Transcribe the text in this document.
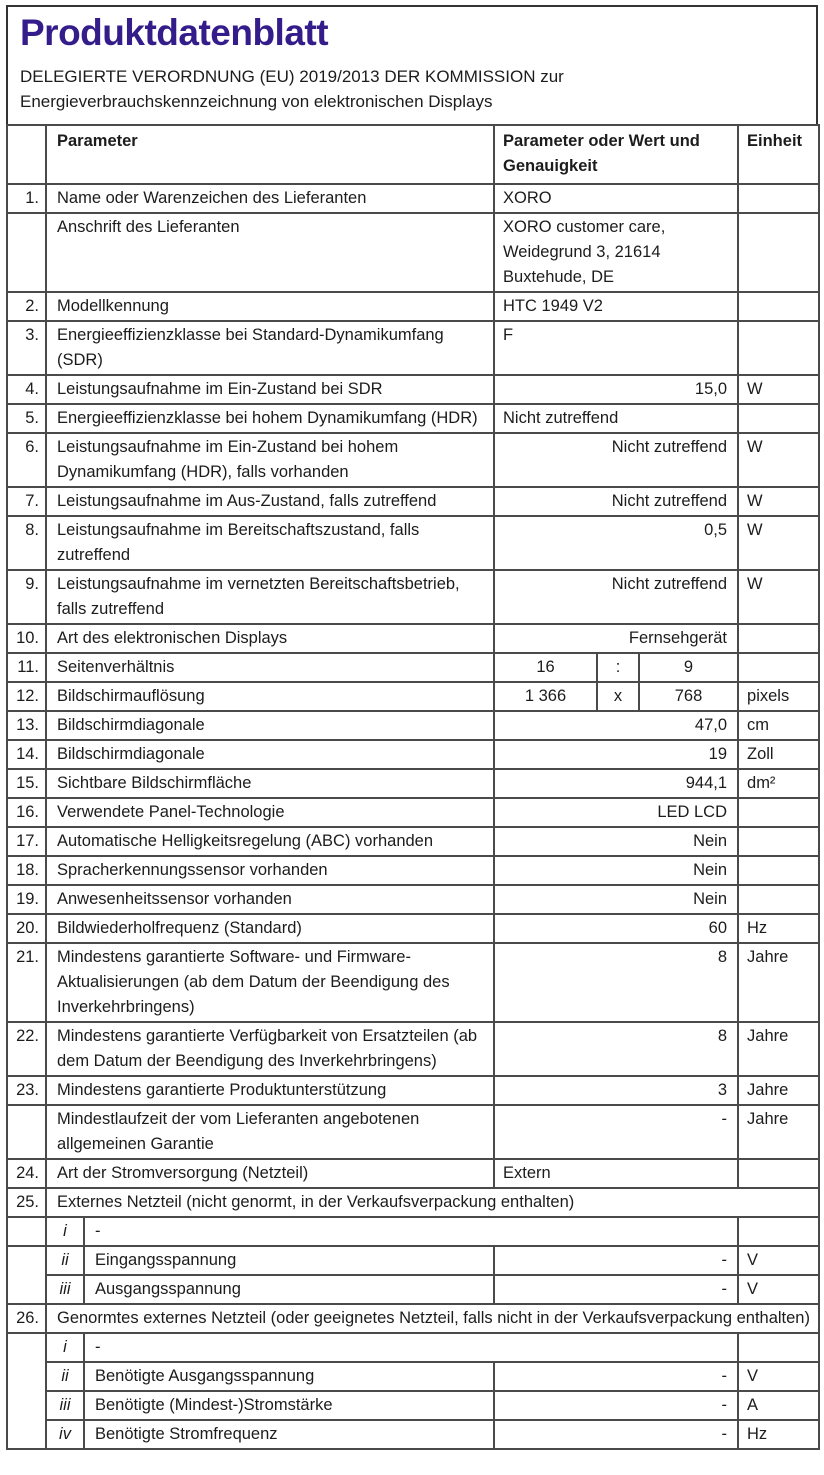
Produktdatenblatt
DELEGIERTE VERORDNUNG (EU) 2019/2013 DER KOMMISSION zur
Energieverbrauchskennzeichnung von elektronischen Displays
	Parameter		Parameter oder Wert und Genauigkeit	Einheit
1.	Name oder Warenzeichen des Lieferanten		XORO	
	Anschrift des Lieferanten		XORO customer care, Weidegrund 3, 21614 Buxtehude, DE	
2.	Modellkennung		HTC 1949 V2	
3.	Energieeffizienzklasse bei Standard-Dynamikumfang (SDR)		F	
4.	Leistungsaufnahme im Ein-Zustand bei SDR		15,0	W
5.	Energieeffizienzklasse bei hohem Dynamikumfang (HDR)		Nicht zutreffend	
6.	Leistungsaufnahme im Ein-Zustand bei hohem Dynamikumfang (HDR), falls vorhanden		Nicht zutreffend	W
7.	Leistungsaufnahme im Aus-Zustand, falls zutreffend		Nicht zutreffend	W
8.	Leistungsaufnahme im Bereitschaftszustand, falls zutreffend		0,5	W
9.	Leistungsaufnahme im vernetzten Bereitschaftsbetrieb, falls zutreffend		Nicht zutreffend	W
10.	Art des elektronischen Displays		Fernsehgerät	
11.	Seitenverhältnis		16 : 9	

12.	Bildschirmauflösung		1 366 x 768	pixels
13.	Bildschirmdiagonale		47,0	cm
14.	Bildschirmdiagonale		19	Zoll
15.	Sichtbare Bildschirmfläche		944,1	dm²
16.	Verwendete Panel-Technologie		LED LCD	
17.	Automatische Helligkeitsregelung (ABC) vorhanden		Nein	
18.	Spracherkennungssensor vorhanden		Nein	
19.	Anwesenheitssensor vorhanden		Nein	
20.	Bildwiederholfrequenz (Standard)		60	Hz
21.	Mindestens garantierte Software- und Firmware-Aktualisierungen (ab dem Datum der Beendigung des Inverkehrbringens)		8	Jahre
22.	Mindestens garantierte Verfügbarkeit von Ersatzteilen (ab dem Datum der Beendigung des Inverkehrbringens)		8	Jahre
23.	Mindestens garantierte Produktunterstützung		3	Jahre
	Mindestlaufzeit der vom Lieferanten angebotenen allgemeinen Garantie		-	Jahre
24.	Art der Stromversorgung (Netzteil)		Extern	
25.	Externes Netzteil (nicht genormt, in der Verkaufsverpackung enthalten)			
	i	-		
	ii	Eingangsspannung	-	V
	iii	Ausgangsspannung	-	V
26.	Genormtes externes Netzteil (oder geeignetes Netzteil, falls nicht in der Verkaufsverpackung enthalten)			
	i	-		
	ii	Benötigte Ausgangsspannung	-	V
	iii	Benötigte (Mindest-)Stromstärke	-	A
	iv	Benötigte Stromfrequenz	-	Hz
